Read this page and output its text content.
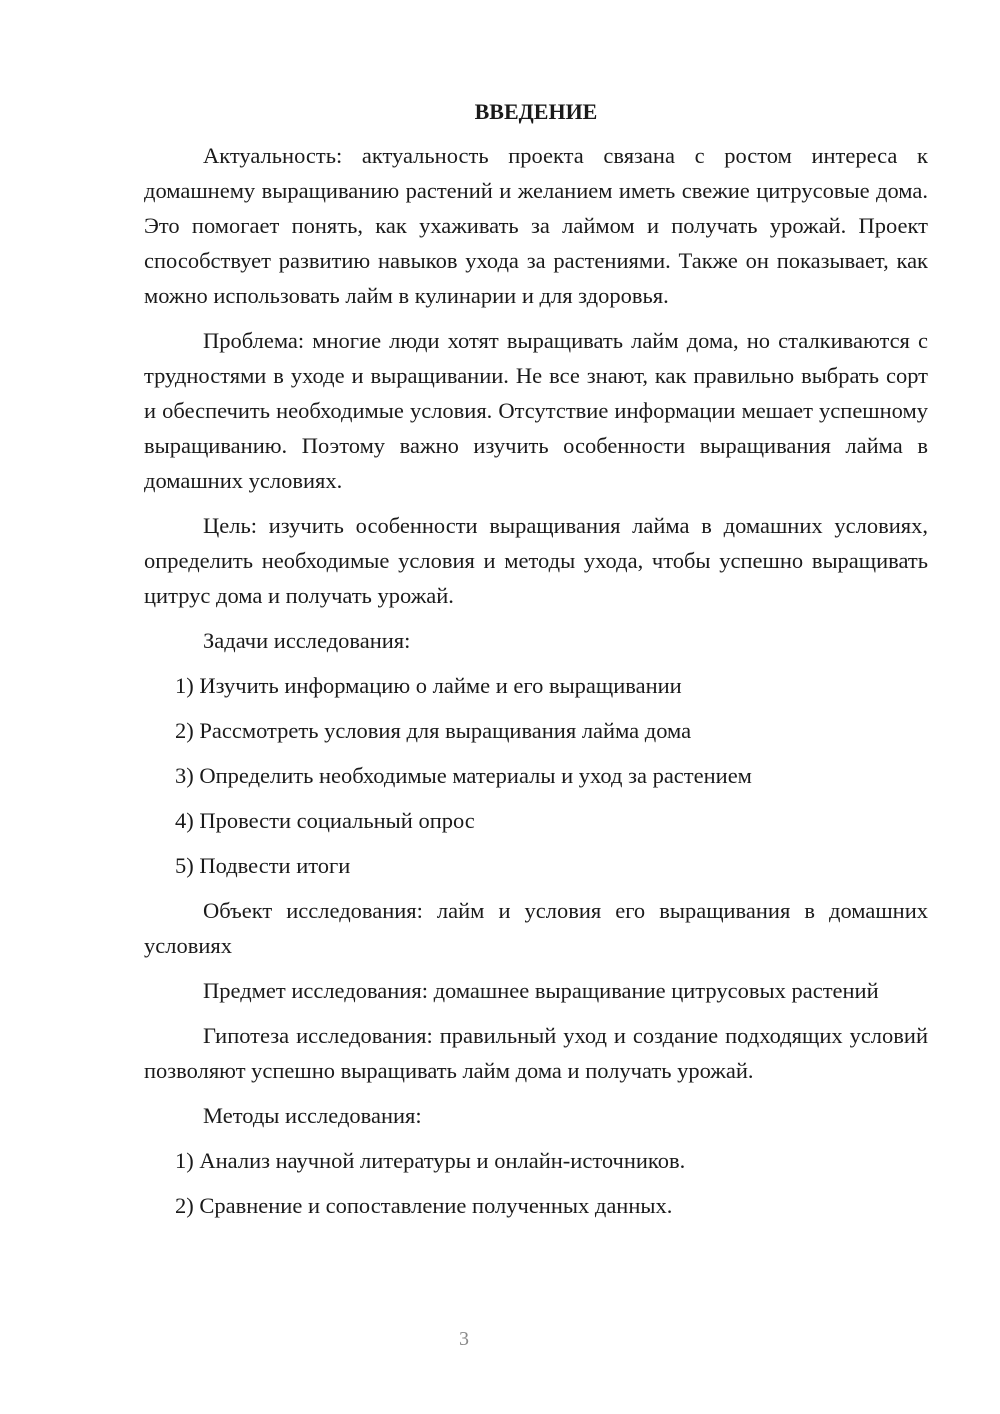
ВВЕДЕНИЕ

Актуальность: актуальность проекта связана с ростом интереса к домашнему выращиванию растений и желанием иметь свежие цитрусовые дома. Это помогает понять, как ухаживать за лаймом и получать урожай. Проект способствует развитию навыков ухода за растениями. Также он показывает, как можно использовать лайм в кулинарии и для здоровья.

Проблема: многие люди хотят выращивать лайм дома, но сталкиваются с трудностями в уходе и выращивании. Не все знают, как правильно выбрать сорт и обеспечить необходимые условия. Отсутствие информации мешает успешному выращиванию. Поэтому важно изучить особенности выращивания лайма в домашних условиях.

Цель: изучить особенности выращивания лайма в домашних условиях, определить необходимые условия и методы ухода, чтобы успешно выращивать цитрус дома и получать урожай.

Задачи исследования:

1) Изучить информацию о лайме и его выращивании
2) Рассмотреть условия для выращивания лайма дома
3) Определить необходимые материалы и уход за растением
4) Провести социальный опрос
5) Подвести итоги

Объект исследования: лайм и условия его выращивания в домашних условиях

Предмет исследования: домашнее выращивание цитрусовых растений

Гипотеза исследования: правильный уход и создание подходящих условий позволяют успешно выращивать лайм дома и получать урожай.

Методы исследования:

1) Анализ научной литературы и онлайн-источников.
2) Сравнение и сопоставление полученных данных.
3
